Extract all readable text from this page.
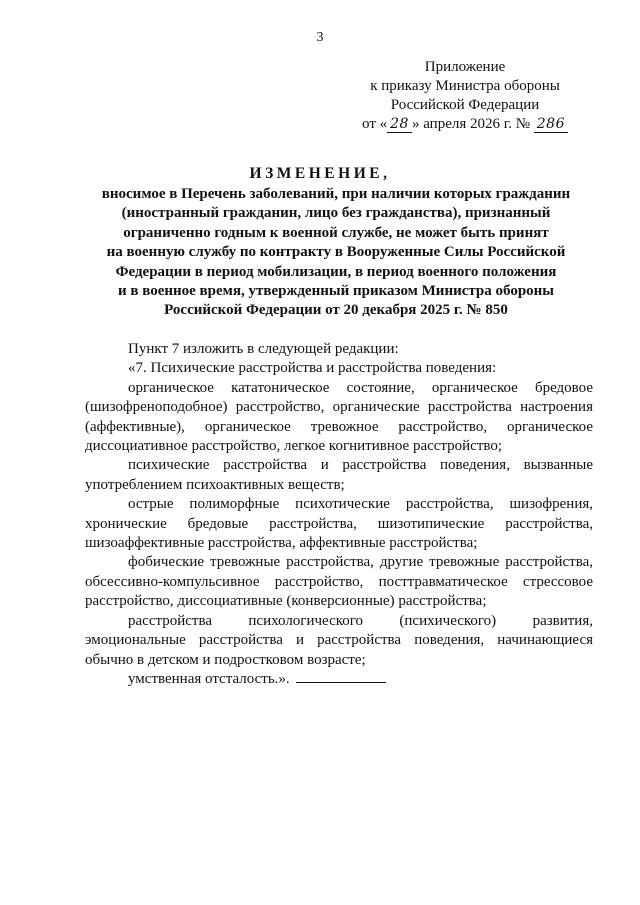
3
Приложение
к приказу Министра обороны
Российской Федерации
от « 28 » апреля 2026 г. № 286
ИЗМЕНЕНИЕ,
вносимое в Перечень заболеваний, при наличии которых гражданин
(иностранный гражданин, лицо без гражданства), признанный
ограниченно годным к военной службе, не может быть принят
на военную службу по контракту в Вооруженные Силы Российской
Федерации в период мобилизации, в период военного положения
и в военное время, утвержденный приказом Министра обороны
Российской Федерации от 20 декабря 2025 г. № 850

Пункт 7 изложить в следующей редакции:

«7. Психические расстройства и расстройства поведения:

органическое кататоническое состояние, органическое бредовое (шизофреноподобное) расстройство, органические расстройства настроения (аффективные), органическое тревожное расстройство, органическое диссоциативное расстройство, легкое когнитивное расстройство;

психические расстройства и расстройства поведения, вызванные употреблением психоактивных веществ;

острые полиморфные психотические расстройства, шизофрения, хронические бредовые расстройства, шизотипические расстройства, шизоаффективные расстройства, аффективные расстройства;

фобические тревожные расстройства, другие тревожные расстройства, обсессивно-компульсивное расстройство, посттравматическое стрессовое расстройство, диссоциативные (конверсионные) расстройства;

расстройства психологического (психического) развития, эмоциональные расстройства и расстройства поведения, начинающиеся обычно в детском и подростковом возрасте;

умственная отсталость.».
